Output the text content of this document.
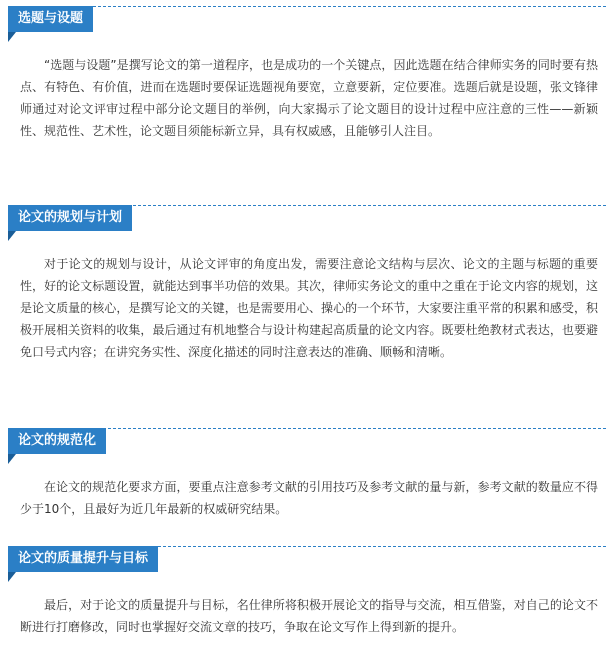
选题与设题

“选题与设题”是撰写论文的第一道程序，也是成功的一个关键点，因此选题在结合律师实务的同时要有热点、有特色、有价值，进而在选题时要保证选题视角要宽，立意要新，定位要准。选题后就是设题，张文锋律师通过对论文评审过程中部分论文题目的举例，向大家揭示了论文题目的设计过程中应注意的三性——新颖性、规范性、艺术性，论文题目须能标新立异，具有权威感，且能够引人注目。

论文的规划与计划

对于论文的规划与设计，从论文评审的角度出发，需要注意论文结构与层次、论文的主题与标题的重要性，好的论文标题设置，就能达到事半功倍的效果。其次，律师实务论文的重中之重在于论文内容的规划，这是论文质量的核心，是撰写论文的关键，也是需要用心、操心的一个环节，大家要注重平常的积累和感受，积极开展相关资料的收集，最后通过有机地整合与设计构建起高质量的论文内容。既要杜绝教材式表达，也要避免口号式内容；在讲究务实性、深度化描述的同时注意表达的准确、顺畅和清晰。

论文的规范化

在论文的规范化要求方面，要重点注意参考文献的引用技巧及参考文献的量与新，参考文献的数量应不得少于10个，且最好为近几年最新的权威研究结果。

论文的质量提升与目标

最后，对于论文的质量提升与目标，名仕律所将积极开展论文的指导与交流，相互借鉴，对自己的论文不断进行打磨修改，同时也掌握好交流文章的技巧，争取在论文写作上得到新的提升。
